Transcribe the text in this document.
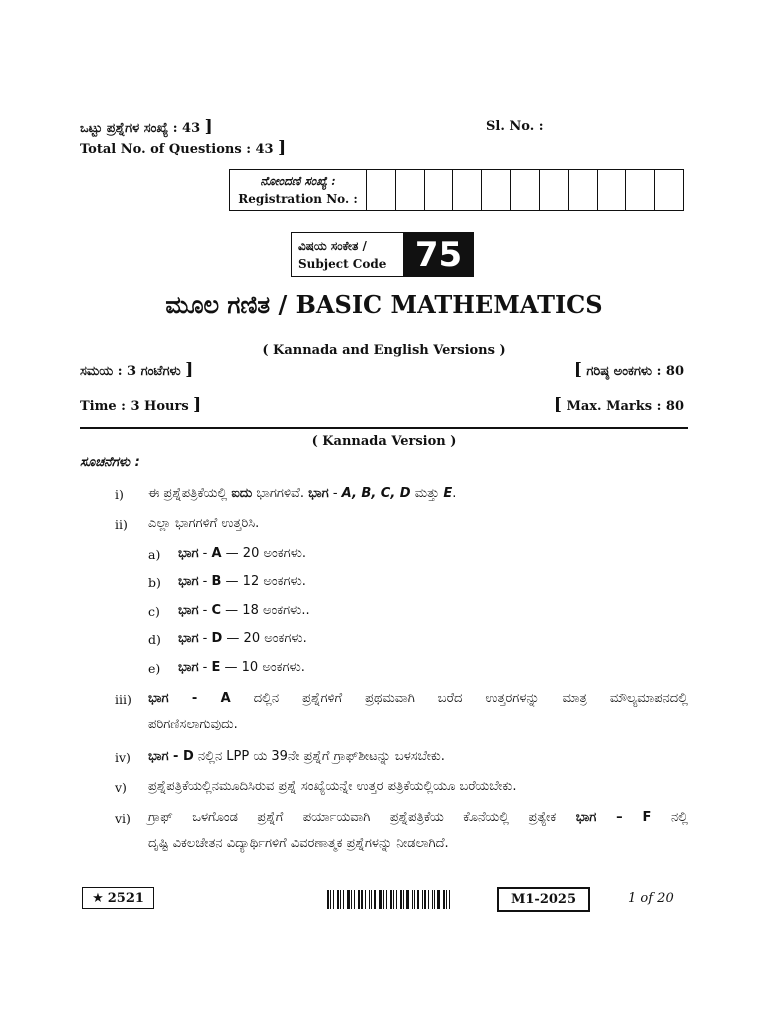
ಒಟ್ಟು ಪ್ರಶ್ನೆಗಳ ಸಂಖ್ಯೆ : 43 ]
Total No. of Questions : 43 ]
Sl. No. :
ನೋಂದಣಿ ಸಂಖ್ಯೆ :
Registration No. :
ವಿಷಯ ಸಂಕೇತ /
Subject Code 75
ಮೂಲ ಗಣಿತ / BASIC MATHEMATICS
( Kannada and English Versions )
ಸಮಯ : 3 ಗಂಟೆಗಳು ]	[ ಗರಿಷ್ಠ ಅಂಕಗಳು : 80
Time : 3 Hours ]	[ Max. Marks : 80
( Kannada Version )
ಸೂಚನೆಗಳು :
i) ಈ ಪ್ರಶ್ನೆಪತ್ರಿಕೆಯಲ್ಲಿ ಐದು ಭಾಗಗಳಿವೆ. ಭಾಗ - A, B, C, D ಮತ್ತು E.
ii) ಎಲ್ಲಾ ಭಾಗಗಳಿಗೆ ಉತ್ತರಿಸಿ.
a) ಭಾಗ - A — 20 ಅಂಕಗಳು.
b) ಭಾಗ - B — 12 ಅಂಕಗಳು.
c) ಭಾಗ - C — 18 ಅಂಕಗಳು..
d) ಭಾಗ - D — 20 ಅಂಕಗಳು.
e) ಭಾಗ - E — 10 ಅಂಕಗಳು.
iii) ಭಾಗ - A ದಲ್ಲಿನ ಪ್ರಶ್ನೆಗಳಿಗೆ ಪ್ರಥಮವಾಗಿ ಬರೆದ ಉತ್ತರಗಳನ್ನು ಮಾತ್ರ ಮೌಲ್ಯಮಾಪನದಲ್ಲಿ
ಪರಿಗಣಿಸಲಾಗುವುದು.
iv) ಭಾಗ - D ನಲ್ಲಿನ LPP ಯ 39ನೇ ಪ್ರಶ್ನೆಗೆ ಗ್ರಾಫ್‌ಶೀಟನ್ನು ಬಳಸಬೇಕು.
v) ಪ್ರಶ್ನೆಪತ್ರಿಕೆಯಲ್ಲಿನಮೂದಿಸಿರುವ ಪ್ರಶ್ನೆ ಸಂಖ್ಯೆಯನ್ನೇ ಉತ್ತರ ಪತ್ರಿಕೆಯಲ್ಲಿಯೂ ಬರೆಯಬೇಕು.
vi) ಗ್ರಾಫ್ ಒಳಗೊಂಡ ಪ್ರಶ್ನೆಗೆ ಪರ್ಯಾಯವಾಗಿ ಪ್ರಶ್ನೆಪತ್ರಿಕೆಯ ಕೊನೆಯಲ್ಲಿ ಪ್ರತ್ಯೇಕ ಭಾಗ – F ನಲ್ಲಿ
ದೃಷ್ಟಿ ವಿಕಲಚೇತನ ವಿದ್ಯಾರ್ಥಿಗಳಿಗೆ ವಿವರಣಾತ್ಮಕ ಪ್ರಶ್ನೆಗಳನ್ನು ನೀಡಲಾಗಿದೆ.
★ 2521	M1-2025	1 of 20
